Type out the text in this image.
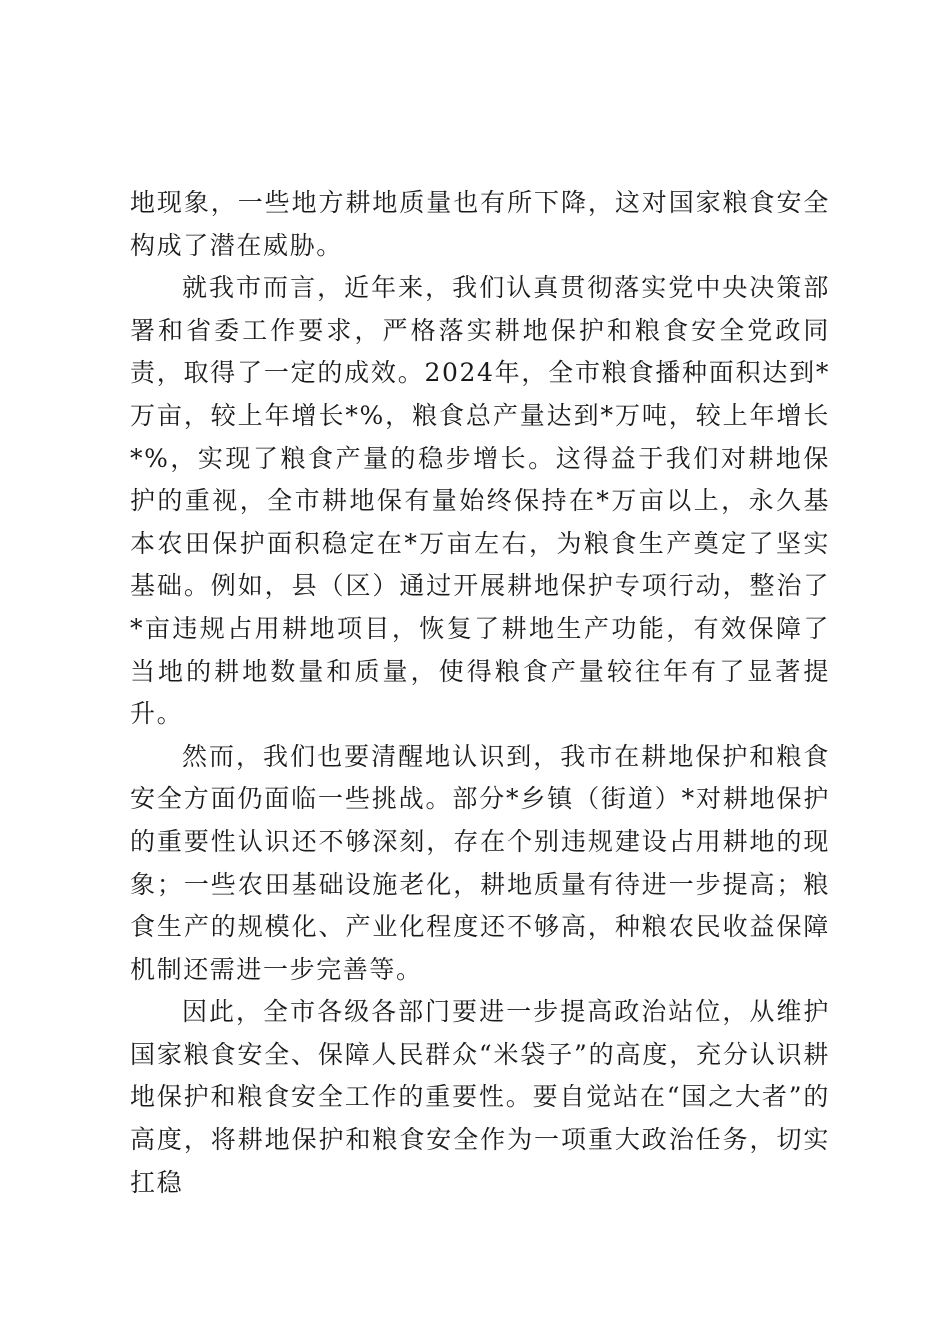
地现象，一些地方耕地质量也有所下降，这对国家粮食安全构成了潜在威胁。

就我市而言，近年来，我们认真贯彻落实党中央决策部署和省委工作要求，严格落实耕地保护和粮食安全党政同责，取得了一定的成效。2024年，全市粮食播种面积达到*万亩，较上年增长*%，粮食总产量达到*万吨，较上年增长*%，实现了粮食产量的稳步增长。这得益于我们对耕地保护的重视，全市耕地保有量始终保持在*万亩以上，永久基本农田保护面积稳定在*万亩左右，为粮食生产奠定了坚实基础。例如，县（区）通过开展耕地保护专项行动，整治了*亩违规占用耕地项目，恢复了耕地生产功能，有效保障了当地的耕地数量和质量，使得粮食产量较往年有了显著提升。

然而，我们也要清醒地认识到，我市在耕地保护和粮食安全方面仍面临一些挑战。部分*乡镇（街道）*对耕地保护的重要性认识还不够深刻，存在个别违规建设占用耕地的现象；一些农田基础设施老化，耕地质量有待进一步提高；粮食生产的规模化、产业化程度还不够高，种粮农民收益保障机制还需进一步完善等。

因此，全市各级各部门要进一步提高政治站位，从维护国家粮食安全、保障人民群众“米袋子”的高度，充分认识耕地保护和粮食安全工作的重要性。要自觉站在“国之大者”的高度，将耕地保护和粮食安全作为一项重大政治任务，切实扛稳
